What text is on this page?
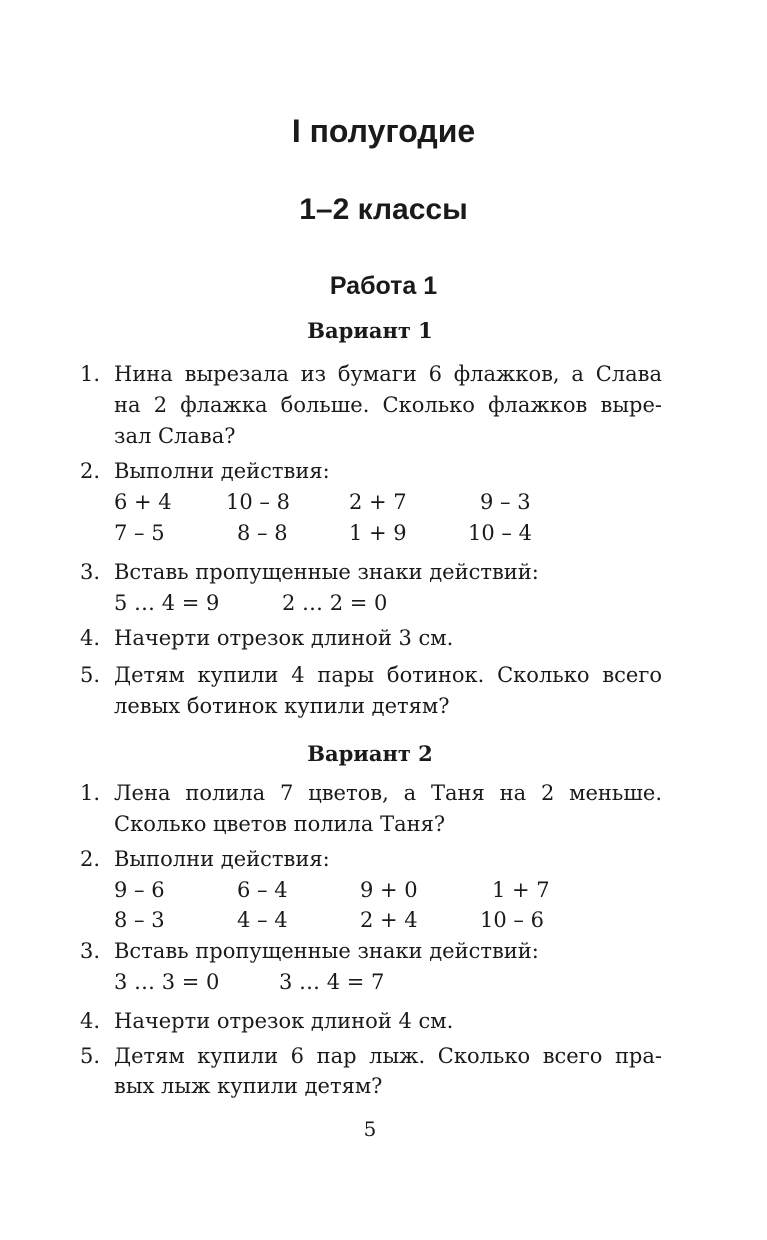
I полугодие
1–2 классы
Работа 1
Вариант 1
1. Нина вырезала из бумаги 6 флажков, а Слава
на 2 флажка больше. Сколько флажков выре-
зал Слава?
2. Выполни действия:
6 + 4	10 – 8	2 + 7	9 – 3
7 – 5	8 – 8	1 + 9	10 – 4
3. Вставь пропущенные знаки действий:
5 … 4 = 9	2 … 2 = 0
4. Начерти отрезок длиной 3 см.
5. Детям купили 4 пары ботинок. Сколько всего
левых ботинок купили детям?
Вариант 2
1. Лена полила 7 цветов, а Таня на 2 меньше.
Сколько цветов полила Таня?
2. Выполни действия:
9 – 6	6 – 4	9 + 0	1 + 7
8 – 3	4 – 4	2 + 4	10 – 6
3. Вставь пропущенные знаки действий:
3 … 3 = 0	3 … 4 = 7
4. Начерти отрезок длиной 4 см.
5. Детям купили 6 пар лыж. Сколько всего пра-
вых лыж купили детям?
5
